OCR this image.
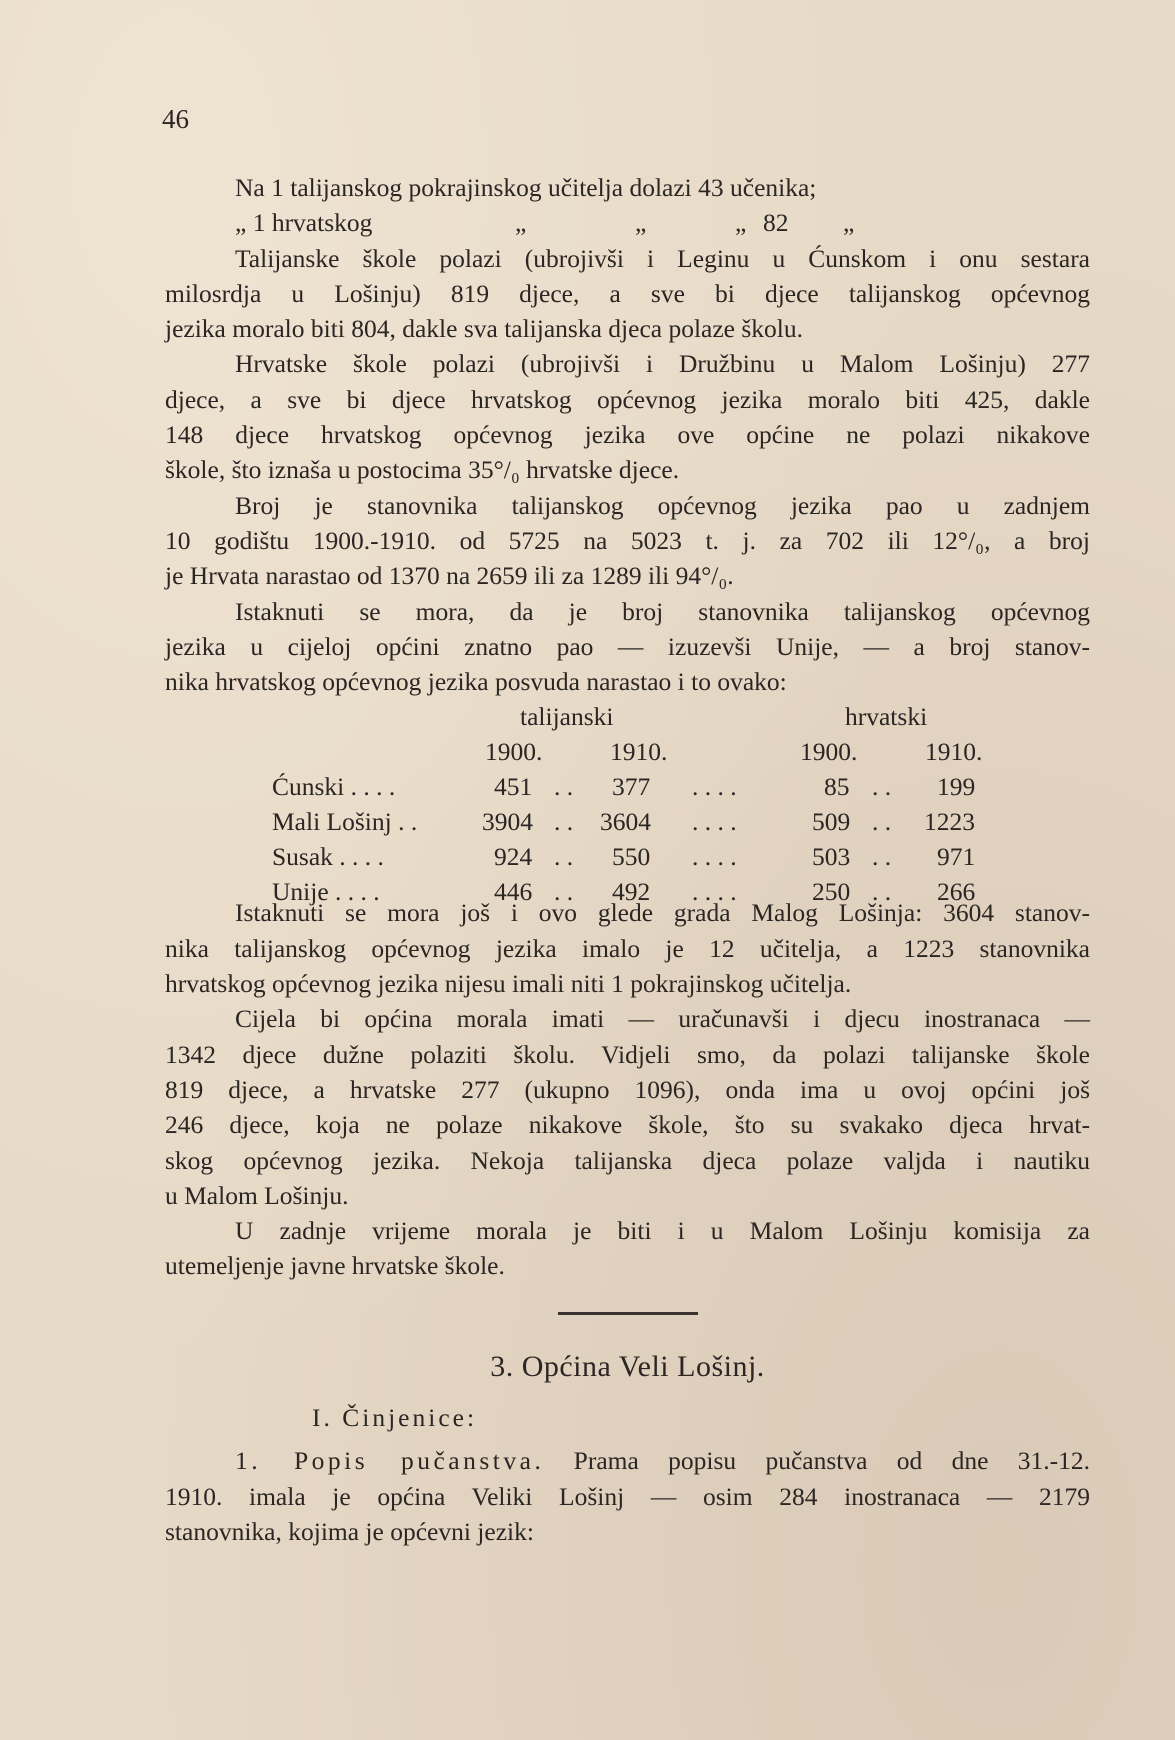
46
Na 1 talijanskog pokrajinskog učitelja dolazi 43 učenika;
„ 1 hrvatskog	„	„	„ 82 „
Talijanske škole polazi (ubrojivši i Leginu u Ćunskom i onu sestara
milosrdja u Lošinju) 819 djece, a sve bi djece talijanskog općevnog
jezika moralo biti 804, dakle sva talijanska djeca polaze školu.
Hrvatske škole polazi (ubrojivši i Družbinu u Malom Lošinju) 277
djece, a sve bi djece hrvatskog općevnog jezika moralo biti 425, dakle
148 djece hrvatskog općevnog jezika ove općine ne polazi nikakove
škole, što iznaša u postocima 35°/₀ hrvatske djece.
Broj je stanovnika talijanskog općevnog jezika pao u zadnjem
10 godištu 1900.-1910. od 5725 na 5023 t. j. za 702 ili 12°/₀, a broj
je Hrvata narastao od 1370 na 2659 ili za 1289 ili 94°/₀.
Istaknuti se mora, da je broj stanovnika talijanskog općevnog
jezika u cijeloj općini znatno pao — izuzevši Unije, — a broj stanov-
nika hrvatskog općevnog jezika posvuda narastao i to ovako:
talijanski	hrvatski
1900.	1910.	1900.	1910.
Ćunski . . . .	451 . . 377 . . . .	85 . . 199
Mali Lošinj . .	3904 . . 3604 . . . .	509 . . 1223
Susak . . . .	924 . . 550 . . . .	503 . . 971
Unije . . . .	446 . . 492 . . . .	250 . . 266
Istaknuti se mora još i ovo glede grada Malog Lošinja: 3604 stanov-
nika talijanskog općevnog jezika imalo je 12 učitelja, a 1223 stanovnika
hrvatskog općevnog jezika nijesu imali niti 1 pokrajinskog učitelja.
Cijela bi općina morala imati — uračunavši i djecu inostranaca —
1342 djece dužne polaziti školu. Vidjeli smo, da polazi talijanske škole
819 djece, a hrvatske 277 (ukupno 1096), onda ima u ovoj općini još
246 djece, koja ne polaze nikakove škole, što su svakako djeca hrvat-
skog općevnog jezika. Nekoja talijanska djeca polaze valjda i nautiku
u Malom Lošinju.
U zadnje vrijeme morala je biti i u Malom Lošinju komisija za
utemeljenje javne hrvatske škole.
3. Općina Veli Lošinj.
I. Činjenice:
1. Popis pučanstva. Prama popisu pučanstva od dne 31.-12.
1910. imala je općina Veliki Lošinj — osim 284 inostranaca — 2179
stanovnika, kojima je općevni jezik:
